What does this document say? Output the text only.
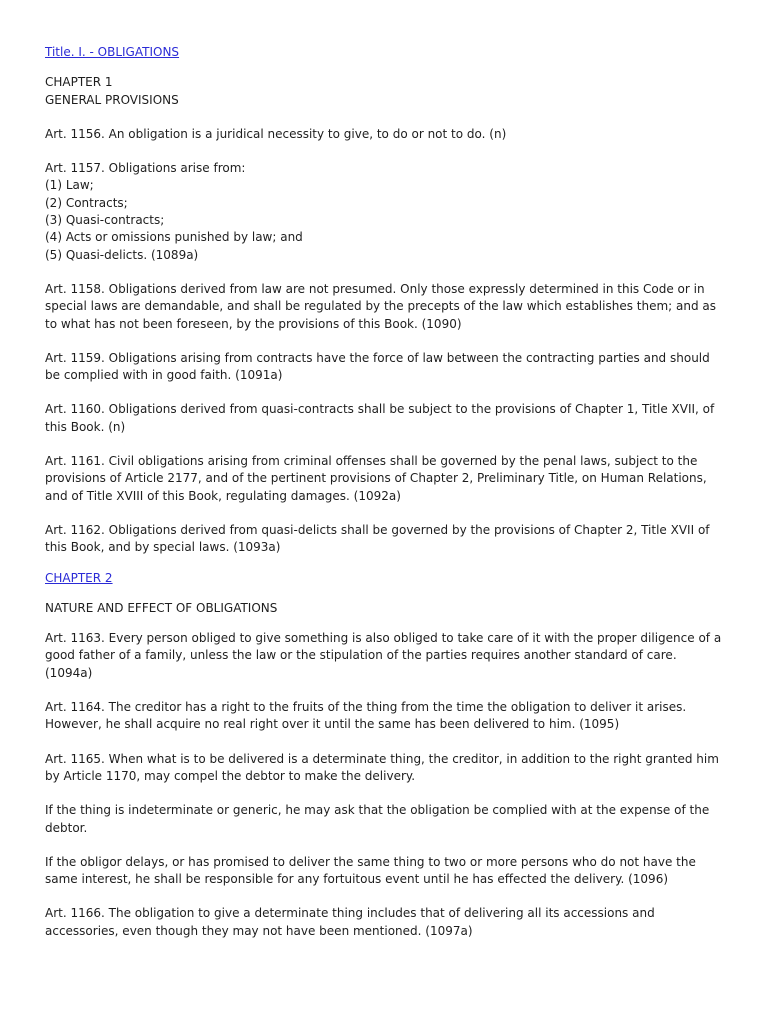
Title. I. - OBLIGATIONS

CHAPTER 1
GENERAL PROVISIONS

Art. 1156. An obligation is a juridical necessity to give, to do or not to do. (n)

Art. 1157. Obligations arise from:
(1) Law;
(2) Contracts;
(3) Quasi-contracts;
(4) Acts or omissions punished by law; and
(5) Quasi-delicts. (1089a)

Art. 1158. Obligations derived from law are not presumed. Only those expressly determined in this Code or in special laws are demandable, and shall be regulated by the precepts of the law which establishes them; and as to what has not been foreseen, by the provisions of this Book. (1090)

Art. 1159. Obligations arising from contracts have the force of law between the contracting parties and should be complied with in good faith. (1091a)

Art. 1160. Obligations derived from quasi-contracts shall be subject to the provisions of Chapter 1, Title XVII, of this Book. (n)

Art. 1161. Civil obligations arising from criminal offenses shall be governed by the penal laws, subject to the provisions of Article 2177, and of the pertinent provisions of Chapter 2, Preliminary Title, on Human Relations, and of Title XVIII of this Book, regulating damages. (1092a)

Art. 1162. Obligations derived from quasi-delicts shall be governed by the provisions of Chapter 2, Title XVII of this Book, and by special laws. (1093a)

CHAPTER 2

NATURE AND EFFECT OF OBLIGATIONS

Art. 1163. Every person obliged to give something is also obliged to take care of it with the proper diligence of a good father of a family, unless the law or the stipulation of the parties requires another standard of care. (1094a)

Art. 1164. The creditor has a right to the fruits of the thing from the time the obligation to deliver it arises. However, he shall acquire no real right over it until the same has been delivered to him. (1095)

Art. 1165. When what is to be delivered is a determinate thing, the creditor, in addition to the right granted him by Article 1170, may compel the debtor to make the delivery.

If the thing is indeterminate or generic, he may ask that the obligation be complied with at the expense of the debtor.

If the obligor delays, or has promised to deliver the same thing to two or more persons who do not have the same interest, he shall be responsible for any fortuitous event until he has effected the delivery. (1096)

Art. 1166. The obligation to give a determinate thing includes that of delivering all its accessions and accessories, even though they may not have been mentioned. (1097a)
